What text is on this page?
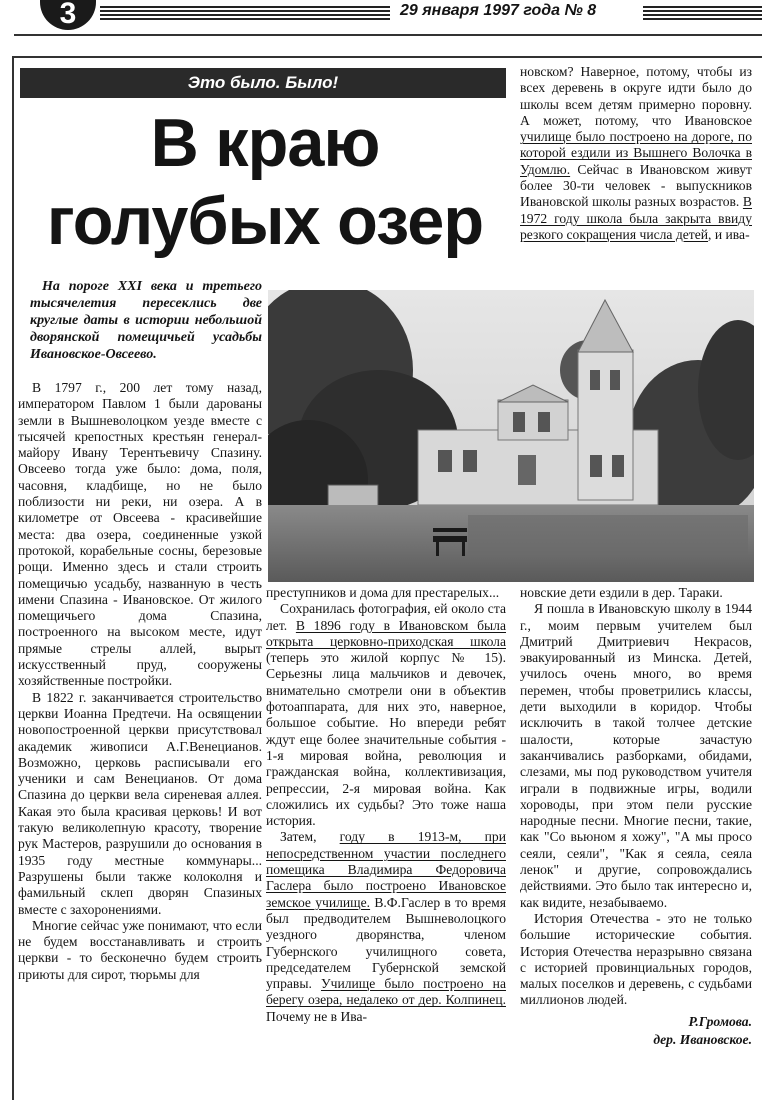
3	29 января 1997 года № 8
Это было. Было!
В краю
голубых озер
На пороге XXI века и третьего тысячелетия пересеклись две круглые даты в истории небольшой дворянской помещичьей усадьбы Ивановское-Овсеево.

В 1797 г., 200 лет тому назад, императором Павлом 1 были дарованы земли в Вышневолоцком уезде вместе с тысячей крепостных крестьян генерал-майору Ивану Терентьевичу Спазину. Овсеево тогда уже было: дома, поля, часовня, кладбище, но не было поблизости ни реки, ни озера. А в километре от Овсеева - красивейшие места: два озера, соединенные узкой протокой, корабельные сосны, березовые рощи. Именно здесь и стали строить помещичью усадьбу, названную в честь имени Спазина - Ивановское. От жилого помещичьего дома Спазина, построенного на высоком месте, идут прямые стрелы аллей, вырыт искусственный пруд, сооружены хозяйственные постройки.

В 1822 г. заканчивается строительство церкви Иоанна Предтечи. На освящении новопостроенной церкви присутствовал академик живописи А.Г.Венецианов. Возможно, церковь расписывали его ученики и сам Венецианов. От дома Спазина до церкви вела сиреневая аллея. Какая это была красивая церковь! И вот такую великолепную красоту, творение рук Мастеров, разрушили до основания в 1935 году местные коммунары... Разрушены были также колоколня и фамильный склеп дворян Спазиных вместе с захоронениями.

Многие сейчас уже понимают, что если не будем восстанавливать и строить церкви - то бесконечно будем строить приюты для сирот, тюрьмы для

преступников и дома для престарелых...

Сохранилась фотография, ей около ста лет. В 1896 году в Ивановском была открыта церковно-приходская школа (теперь это жилой корпус № 15). Серьезны лица мальчиков и девочек, внимательно смотрели они в объектив фотоаппарата, для них это, наверное, большое событие. Но впереди ребят ждут еще более значительные события - 1-я мировая война, революция и гражданская война, коллективизация, репрессии, 2-я мировая война. Как сложились их судьбы? Это тоже наша история.

Затем, году в 1913-м, при непосредственном участии последнего помещика Владимира Федоровича Гаслера было построено Ивановское земское училище. В.Ф.Гаслер в то время был предводителем Вышневолоцкого уездного дворянства, членом Губернского училищного совета, председателем Губернской земской управы. Училище было построено на берегу озера, недалеко от дер. Колпинец. Почему не в Ива-

новском? Наверное, потому, чтобы из всех деревень в округе идти было до школы всем детям примерно поровну. А может, потому, что Ивановское училище было построено на дороге, по которой ездили из Вышнего Волочка в Удомлю. Сейчас в Ивановском живут более 30-ти человек - выпускников Ивановской школы разных возрастов. В 1972 году школа была закрыта ввиду резкого сокращения числа детей, и ива-

новские дети ездили в дер. Тараки.

Я пошла в Ивановскую школу в 1944 г., моим первым учителем был Дмитрий Дмитриевич Некрасов, эвакуированный из Минска. Детей, училось очень много, во время перемен, чтобы проветрились классы, дети выходили в коридор. Чтобы исключить в такой толчее детские шалости, которые зачастую заканчивались разборками, обидами, слезами, мы под руководством учителя играли в подвижные игры, водили хороводы, при этом пели русские народные песни. Многие песни, такие, как "Со вьюном я хожу", "А мы просо сеяли, сеяли", "Как я сеяла, сеяла ленок" и другие, сопровождались действиями. Это было так интересно и, как видите, незабываемо.

История Отечества - это не только большие исторические события. История Отечества неразрывно связана с историей провинциальных городов, малых поселков и деревень, с судьбами миллионов людей.

Р.Громова.
дер. Ивановское.
